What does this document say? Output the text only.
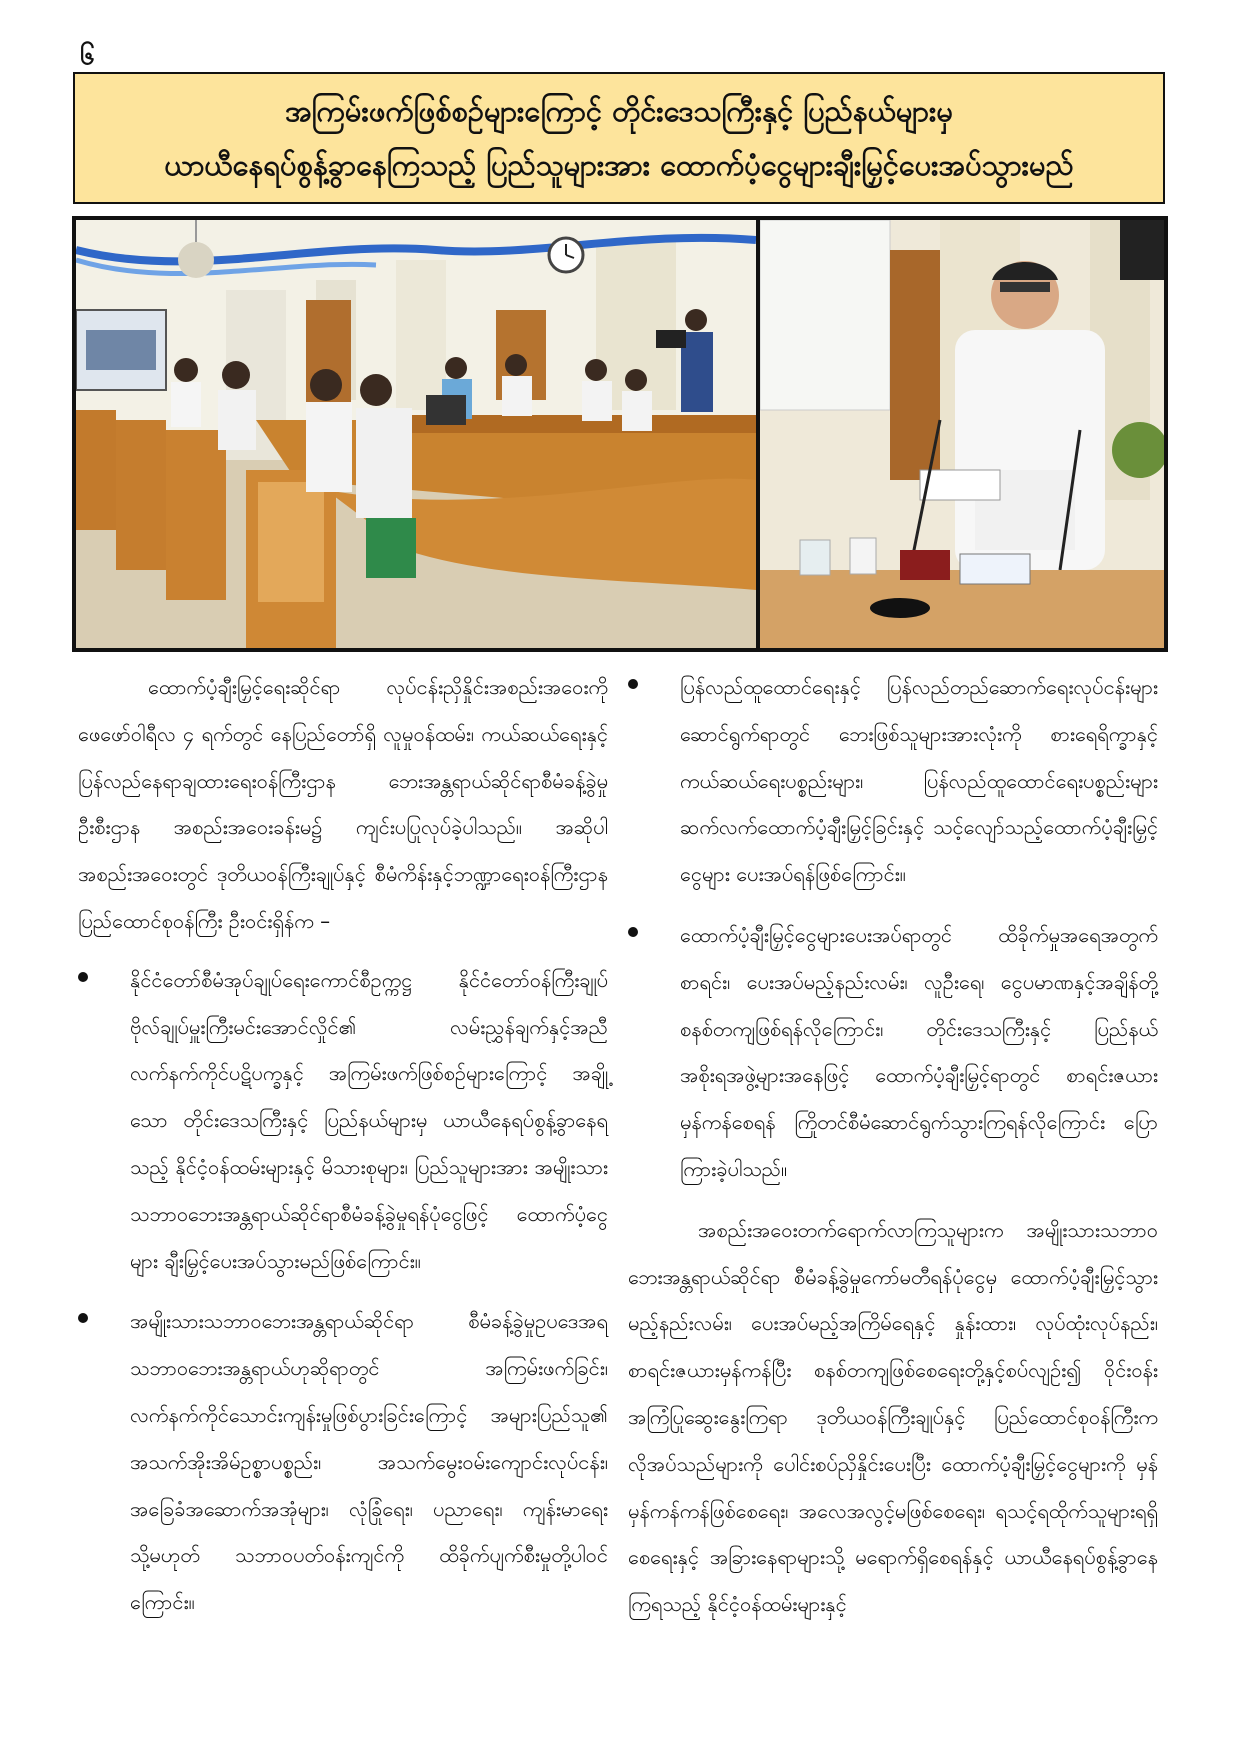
၆
အကြမ်းဖက်ဖြစ်စဉ်များကြောင့် တိုင်းဒေသကြီးနှင့် ပြည်နယ်များမှ
ယာယီနေရပ်စွန့်ခွာနေကြသည့် ပြည်သူများအား ထောက်ပံ့ငွေများချီးမြှင့်ပေးအပ်သွားမည်

ထောက်ပံ့ချီးမြှင့်ရေးဆိုင်ရာ လုပ်ငန်းညှိနှိုင်းအစည်းအဝေးကို ဖေဖော်ဝါရီလ ၄ ရက်တွင် နေပြည်တော်ရှိ လူမှုဝန်ထမ်း၊ ကယ်ဆယ်ရေးနှင့် ပြန်လည်နေရာချထားရေးဝန်ကြီးဌာန ဘေးအန္တရာယ်ဆိုင်ရာစီမံခန့်ခွဲမှုဦးစီးဌာန အစည်းအဝေးခန်းမ၌ ကျင်းပပြုလုပ်ခဲ့ပါသည်။ အဆိုပါအစည်းအဝေးတွင် ဒုတိယဝန်ကြီးချုပ်နှင့် စီမံကိန်းနှင့်ဘဏ္ဍာရေးဝန်ကြီးဌာန ပြည်ထောင်စုဝန်ကြီး ဦးဝင်းရှိန်က –

နိုင်ငံတော်စီမံအုပ်ချုပ်ရေးကောင်စီဥက္ကဋ္ဌ နိုင်ငံတော်ဝန်ကြီးချုပ် ဗိုလ်ချုပ်မှူးကြီးမင်းအောင်လှိုင်၏ လမ်းညွှန်ချက်နှင့်အညီ လက်နက်ကိုင်ပဋိပက္ခနှင့် အကြမ်းဖက်ဖြစ်စဉ်များကြောင့် အချို့သော တိုင်းဒေသကြီးနှင့် ပြည်နယ်များမှ ယာယီနေရပ်စွန့်ခွာနေရသည့် နိုင်ငံ့ဝန်ထမ်းများနှင့် မိသားစုများ၊ ပြည်သူများအား အမျိုးသားသဘာဝဘေးအန္တရာယ်ဆိုင်ရာစီမံခန့်ခွဲမှုရန်ပုံငွေဖြင့် ထောက်ပံ့ငွေများ ချီးမြှင့်ပေးအပ်သွားမည်ဖြစ်ကြောင်း။
အမျိုးသားသဘာဝဘေးအန္တရာယ်ဆိုင်ရာ စီမံခန့်ခွဲမှုဥပဒေအရ သဘာဝဘေးအန္တရာယ်ဟုဆိုရာတွင် အကြမ်းဖက်ခြင်း၊ လက်နက်ကိုင်သောင်းကျန်းမှုဖြစ်ပွားခြင်းကြောင့် အများပြည်သူ၏ အသက်အိုးအိမ်ဥစ္စာပစ္စည်း၊ အသက်မွေးဝမ်းကျောင်းလုပ်ငန်း၊ အခြေခံအဆောက်အအုံများ၊ လုံခြုံရေး၊ ပညာရေး၊ ကျန်းမာရေး သို့မဟုတ် သဘာဝပတ်ဝန်းကျင်ကို ထိခိုက်ပျက်စီးမှုတို့ပါဝင်ကြောင်း။
ပြန်လည်ထူထောင်ရေးနှင့် ပြန်လည်တည်ဆောက်ရေးလုပ်ငန်းများဆောင်ရွက်ရာတွင် ဘေးဖြစ်သူများအားလုံးကို စားရေရိက္ခာနှင့် ကယ်ဆယ်ရေးပစ္စည်းများ၊ ပြန်လည်ထူထောင်ရေးပစ္စည်းများ ဆက်လက်ထောက်ပံ့ချီးမြှင့်ခြင်းနှင့် သင့်လျော်သည့်ထောက်ပံ့ချီးမြှင့်ငွေများ ပေးအပ်ရန်ဖြစ်ကြောင်း။
ထောက်ပံ့ချီးမြှင့်ငွေများပေးအပ်ရာတွင် ထိခိုက်မှုအရေအတွက်စာရင်း၊ ပေးအပ်မည့်နည်းလမ်း၊ လူဦးရေ၊ ငွေပမာဏနှင့်အချိန်တို့ စနစ်တကျဖြစ်ရန်လိုကြောင်း၊ တိုင်းဒေသကြီးနှင့် ပြည်နယ်အစိုးရအဖွဲ့များအနေဖြင့် ထောက်ပံ့ချီးမြှင့်ရာတွင် စာရင်းဇယားမှန်ကန်စေရန် ကြိုတင်စီမံဆောင်ရွက်သွားကြရန်လိုကြောင်း ပြောကြားခဲ့ပါသည်။

အစည်းအဝေးတက်ရောက်လာကြသူများက အမျိုးသားသဘာဝဘေးအန္တရာယ်ဆိုင်ရာ စီမံခန့်ခွဲမှုကော်မတီရန်ပုံငွေမှ ထောက်ပံ့ချီးမြှင့်သွားမည့်နည်းလမ်း၊ ပေးအပ်မည့်အကြိမ်ရေနှင့် နှုန်းထား၊ လုပ်ထုံးလုပ်နည်း၊ စာရင်းဇယားမှန်ကန်ပြီး စနစ်တကျဖြစ်စေရေးတို့နှင့်စပ်လျဉ်း၍ ဝိုင်းဝန်းအကြံပြုဆွေးနွေးကြရာ ဒုတိယဝန်ကြီးချုပ်နှင့် ပြည်ထောင်စုဝန်ကြီးက လိုအပ်သည်များကို ပေါင်းစပ်ညှိနှိုင်းပေးပြီး ထောက်ပံ့ချီးမြှင့်ငွေများကို မှန်မှန်ကန်ကန်ဖြစ်စေရေး၊ အလေအလွင့်မဖြစ်စေရေး၊ ရသင့်ရထိုက်သူများရရှိစေရေးနှင့် အခြားနေရာများသို့ မရောက်ရှိစေရန်နှင့် ယာယီနေရပ်စွန့်ခွာနေကြရသည့် နိုင်ငံ့ဝန်ထမ်းများနှင့်
